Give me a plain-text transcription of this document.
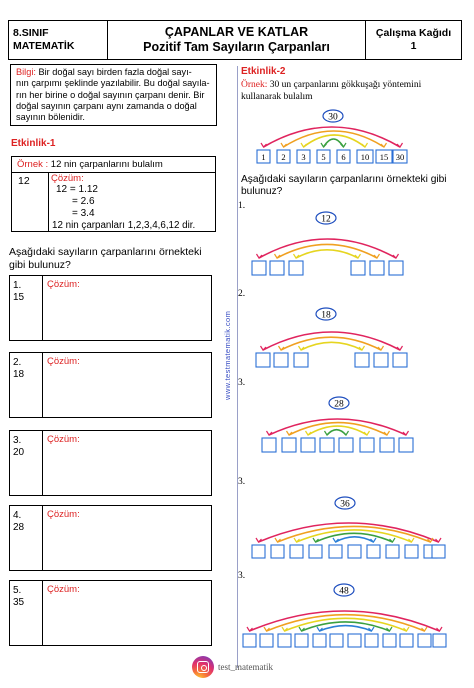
8.SINIF
MATEMATİK
ÇAPANLAR VE KATLAR
Pozitif Tam Sayıların Çarpanları
Çalışma Kağıdı
1
Bilgi: Bir doğal sayı birden fazla doğal sayı-
nın çarpımı şeklinde yazılabilir. Bu doğal sayıla-
rın her birine o doğal sayının çarpanı denir. Bir
doğal sayının çarpanı aynı zamanda o doğal
sayının bölenidir.
Etkinlik-1
Örnek : 12 nin çarpanlarını bulalım
12 Çözüm:
12 = 1.12
= 2.6
= 3.4
12 nin çarpanları 1,2,3,4,6,12 dir.
Aşağıdaki sayıların çarpanlarını örnekteki
gibi bulunuz?
1.
15
Çözüm:
2.
18
Çözüm:
3.
20
Çözüm:
4.
28
Çözüm:
5.
35
Çözüm:
www.testmatematik.com
Etkinlik-2
Örnek: 30 un çarpanlarını gökkuşağı yöntemini
kullanarak bulalım
1 2 3 5 6 10 15 30
30
1.
12
2.
18
3.
28
3.
36
3.
48
Aşağıdaki sayıların çarpanlarını örnekteki gibi
bulunuz?
test_matematik
